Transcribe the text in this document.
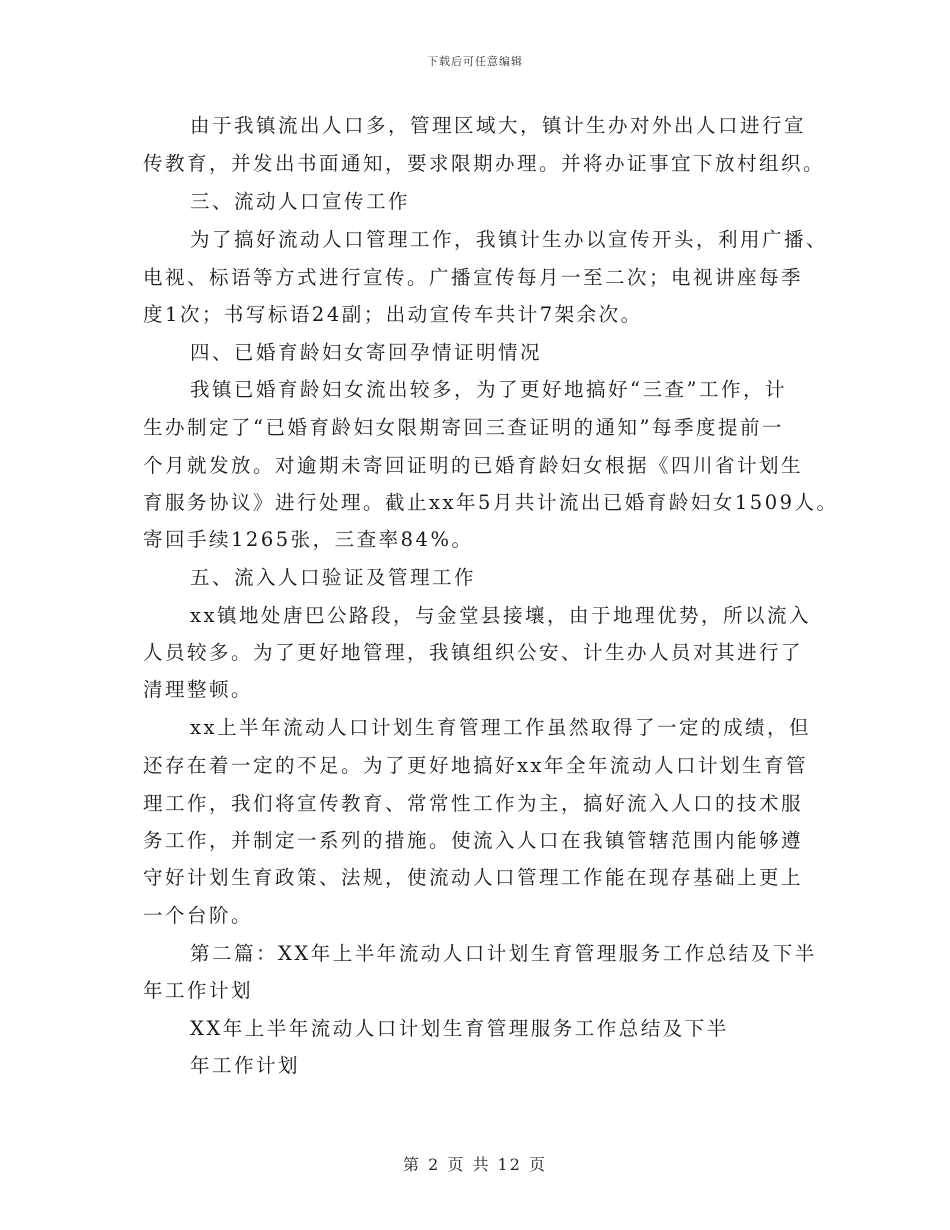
下载后可任意编辑
由于我镇流出人口多，管理区域大，镇计生办对外出人口进行宣
传教育，并发出书面通知，要求限期办理。并将办证事宜下放村组织。
三、流动人口宣传工作
为了搞好流动人口管理工作，我镇计生办以宣传开头，利用广播、
电视、标语等方式进行宣传。广播宣传每月一至二次；电视讲座每季
度1次；书写标语24副；出动宣传车共计7架余次。
四、已婚育龄妇女寄回孕情证明情况
我镇已婚育龄妇女流出较多，为了更好地搞好“三查”工作，计
生办制定了“已婚育龄妇女限期寄回三查证明的通知”每季度提前一
个月就发放。对逾期未寄回证明的已婚育龄妇女根据《四川省计划生
育服务协议》进行处理。截止xx年5月共计流出已婚育龄妇女1509人。
寄回手续1265张，三查率84%。
五、流入人口验证及管理工作
xx镇地处唐巴公路段，与金堂县接壤，由于地理优势，所以流入
人员较多。为了更好地管理，我镇组织公安、计生办人员对其进行了
清理整顿。
xx上半年流动人口计划生育管理工作虽然取得了一定的成绩，但
还存在着一定的不足。为了更好地搞好xx年全年流动人口计划生育管
理工作，我们将宣传教育、常常性工作为主，搞好流入人口的技术服
务工作，并制定一系列的措施。使流入人口在我镇管辖范围内能够遵
守好计划生育政策、法规，使流动人口管理工作能在现存基础上更上
一个台阶。
第二篇：XX年上半年流动人口计划生育管理服务工作总结及下半
年工作计划
XX年上半年流动人口计划生育管理服务工作总结及下半
年工作计划
第 2 页 共 12 页
